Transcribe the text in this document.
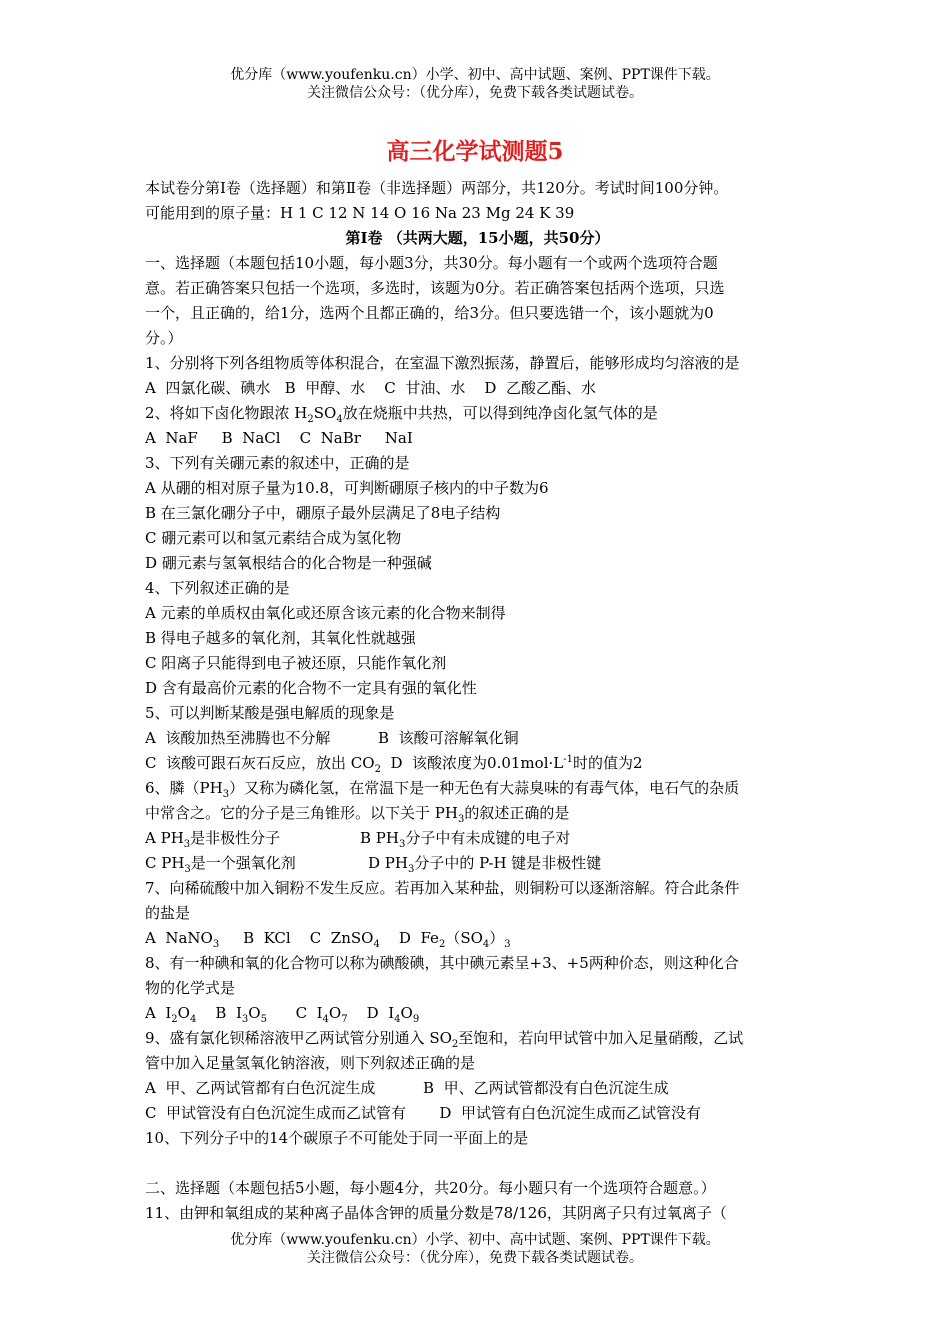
优分库（www.youfenku.cn）小学、初中、高中试题、案例、PPT课件下载。
关注微信公众号：（优分库），免费下载各类试题试卷。
高三化学试测题5
本试卷分第Ⅰ卷（选择题）和第Ⅱ卷（非选择题）两部分，共120分。考试时间100分钟。
可能用到的原子量：H 1 C 12 N 14 O 16 Na 23 Mg 24 K 39
第Ⅰ卷 （共两大题，15小题，共50分）
一、选择题（本题包括10小题，每小题3分，共30分。每小题有一个或两个选项符合题
意。若正确答案只包括一个选项，多选时，该题为0分。若正确答案包括两个选项，只选
一个，且正确的，给1分，选两个且都正确的，给3分。但只要选错一个，该小题就为0
分。）
1、分别将下列各组物质等体积混合，在室温下激烈振荡，静置后，能够形成均匀溶液的是
A  四氯化碳、碘水   B  甲醇、水    C  甘油、水    D  乙酸乙酯、水
2、将如下卤化物跟浓 $H_2SO_4$放在烧瓶中共热，可以得到纯净卤化氢气体的是
A  NaF     B  NaCl    C  NaBr     NaI
3、下列有关硼元素的叙述中，正确的是
A 从硼的相对原子量为10.8，可判断硼原子核内的中子数为6
B 在三氯化硼分子中，硼原子最外层满足了8电子结构
C 硼元素可以和氢元素结合成为氢化物
D 硼元素与氢氧根结合的化合物是一种强碱
4、下列叙述正确的是
A 元素的单质权由氧化或还原含该元素的化合物来制得
B 得电子越多的氧化剂，其氧化性就越强
C 阳离子只能得到电子被还原，只能作氧化剂
D 含有最高价元素的化合物不一定具有强的氧化性
5、可以判断某酸是强电解质的现象是
A  该酸加热至沸腾也不分解          B  该酸可溶解氧化铜
C  该酸可跟石灰石反应，放出 $CO_2$  D  该酸浓度为$0.01mol\cdot L^{-1}$时的值为2
6、膦$(PH_3)$又称为磷化氢，在常温下是一种无色有大蒜臭味的有毒气体，电石气的杂质
中常含之。它的分子是三角锥形。以下关于 $PH_3$的叙述正确的是
A $PH_3$是非极性分子	B $PH_3$分子中有未成键的电子对
C $PH_3$是一个强氧化剂	D $PH_3$分子中的 P-H 键是非极性键
7、向稀硫酸中加入铜粉不发生反应。若再加入某种盐，则铜粉可以逐渐溶解。符合此条件
的盐是
A  NaNO$_3$     B  KCl    C  ZnSO$_4$    D  $Fe_2(SO_4)_3$
8、有一种碘和氧的化合物可以称为碘酸碘，其中碘元素呈+3、+5两种价态，则这种化合
物的化学式是
A  $I_2O_4$    B  $I_3O_5$      C  $I_4O_7$    D  $I_4O_9$
9、盛有氯化钡稀溶液甲乙两试管分别通入 $SO_2$至饱和，若向甲试管中加入足量硝酸，乙试
管中加入足量氢氧化钠溶液，则下列叙述正确的是
A  甲、乙两试管都有白色沉淀生成          B  甲、乙两试管都没有白色沉淀生成
C  甲试管没有白色沉淀生成而乙试管有       D  甲试管有白色沉淀生成而乙试管没有
10、下列分子中的14个碳原子不可能处于同一平面上的是
二、选择题（本题包括5小题，每小题4分，共20分。每小题只有一个选项符合题意。）
11、由钾和氧组成的某种离子晶体含钾的质量分数是78/126，其阴离子只有过氧离子（
优分库（www.youfenku.cn）小学、初中、高中试题、案例、PPT课件下载。
关注微信公众号：（优分库），免费下载各类试题试卷。
